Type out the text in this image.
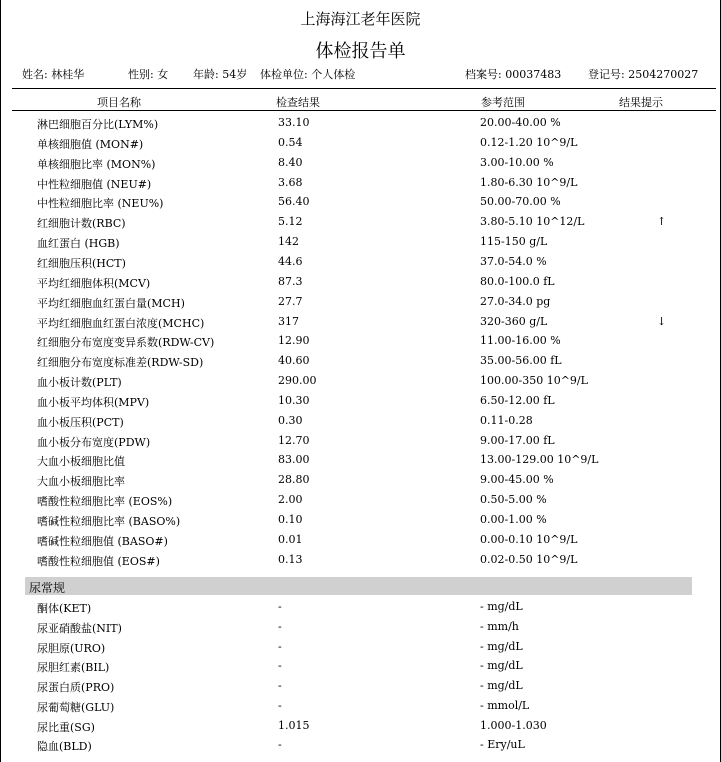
上海海江老年医院
体检报告单
姓名: 林桂华	性别: 女 年龄: 54岁 体检单位: 个人体检	档案号: 00037483 登记号: 2504270027
项目名称	检查结果	参考范围	结果提示
淋巴细胞百分比(LYM%)	33.10	20.00-40.00 %
单核细胞值 (MON#)	0.54	0.12-1.20 10^9/L
单核细胞比率 (MON%)	8.40	3.00-10.00 %
中性粒细胞值 (NEU#)	3.68	1.80-6.30 10^9/L
中性粒细胞比率 (NEU%)	56.40	50.00-70.00 %
红细胞计数(RBC)	5.12	3.80-5.10 10^12/L	↑
血红蛋白 (HGB)	142	115-150 g/L
红细胞压积(HCT)	44.6	37.0-54.0 %
平均红细胞体积(MCV)	87.3	80.0-100.0 fL
平均红细胞血红蛋白量(MCH)	27.7	27.0-34.0 pg
平均红细胞血红蛋白浓度(MCHC)	317	320-360 g/L	↓
红细胞分布宽度变异系数(RDW-CV)	12.90	11.00-16.00 %
红细胞分布宽度标准差(RDW-SD)	40.60	35.00-56.00 fL
血小板计数(PLT)	290.00	100.00-350 10^9/L
血小板平均体积(MPV)	10.30	6.50-12.00 fL
血小板压积(PCT)	0.30	0.11-0.28
血小板分布宽度(PDW)	12.70	9.00-17.00 fL
大血小板细胞比值	83.00	13.00-129.00 10^9/L
大血小板细胞比率	28.80	9.00-45.00 %
嗜酸性粒细胞比率 (EOS%)	2.00	0.50-5.00 %
嗜碱性粒细胞比率 (BASO%)	0.10	0.00-1.00 %
嗜碱性粒细胞值 (BASO#)	0.01	0.00-0.10 10^9/L
嗜酸性粒细胞值 (EOS#)	0.13	0.02-0.50 10^9/L
尿常规
酮体(KET)	-	- mg/dL
尿亚硝酸盐(NIT)	-	- mm/h
尿胆原(URO)	-	- mg/dL
尿胆红素(BIL)	-	- mg/dL
尿蛋白质(PRO)	-	- mg/dL
尿葡萄糖(GLU)	-	- mmol/L
尿比重(SG)	1.015	1.000-1.030
隐血(BLD)	-	- Ery/uL
